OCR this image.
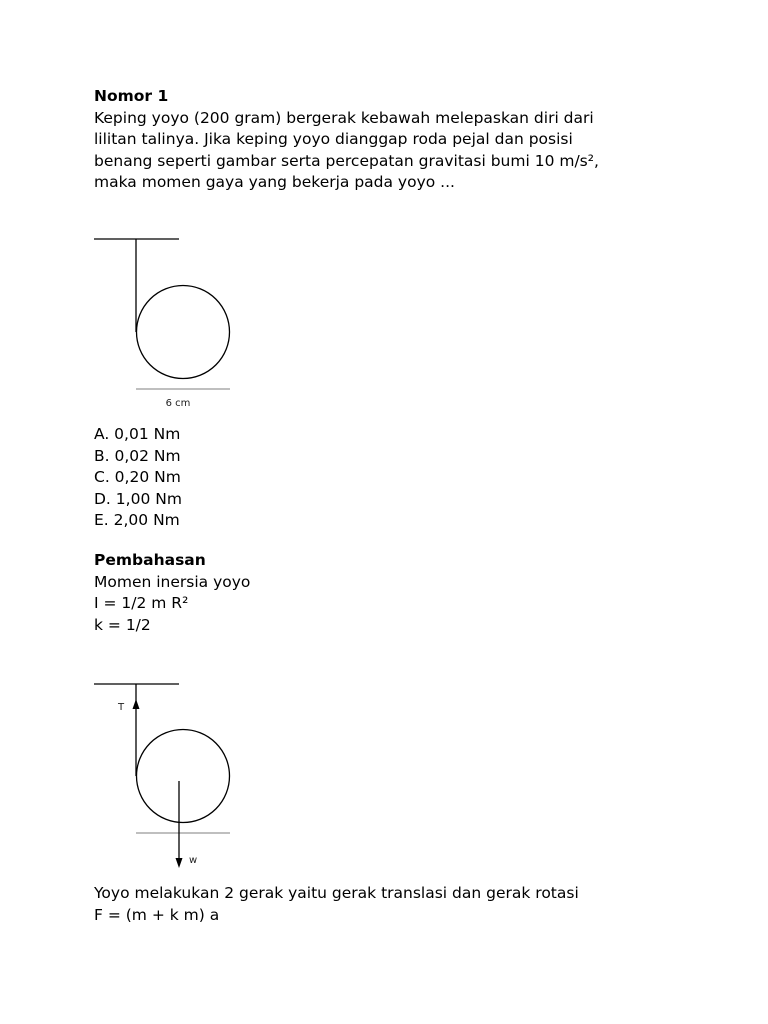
Nomor 1
Keping yoyo (200 gram) bergerak kebawah melepaskan diri dari
lilitan talinya. Jika keping yoyo dianggap roda pejal dan posisi
benang seperti gambar serta percepatan gravitasi bumi 10 m/s²,
maka momen gaya yang bekerja pada yoyo ...
6 cm
A. 0,01 Nm
B. 0,02 Nm
C. 0,20 Nm
D. 1,00 Nm
E. 2,00 Nm
Pembahasan
Momen inersia yoyo
I = 1/2 m R²
k = 1/2
T
w
Yoyo melakukan 2 gerak yaitu gerak translasi dan gerak rotasi
F = (m + k m) a
